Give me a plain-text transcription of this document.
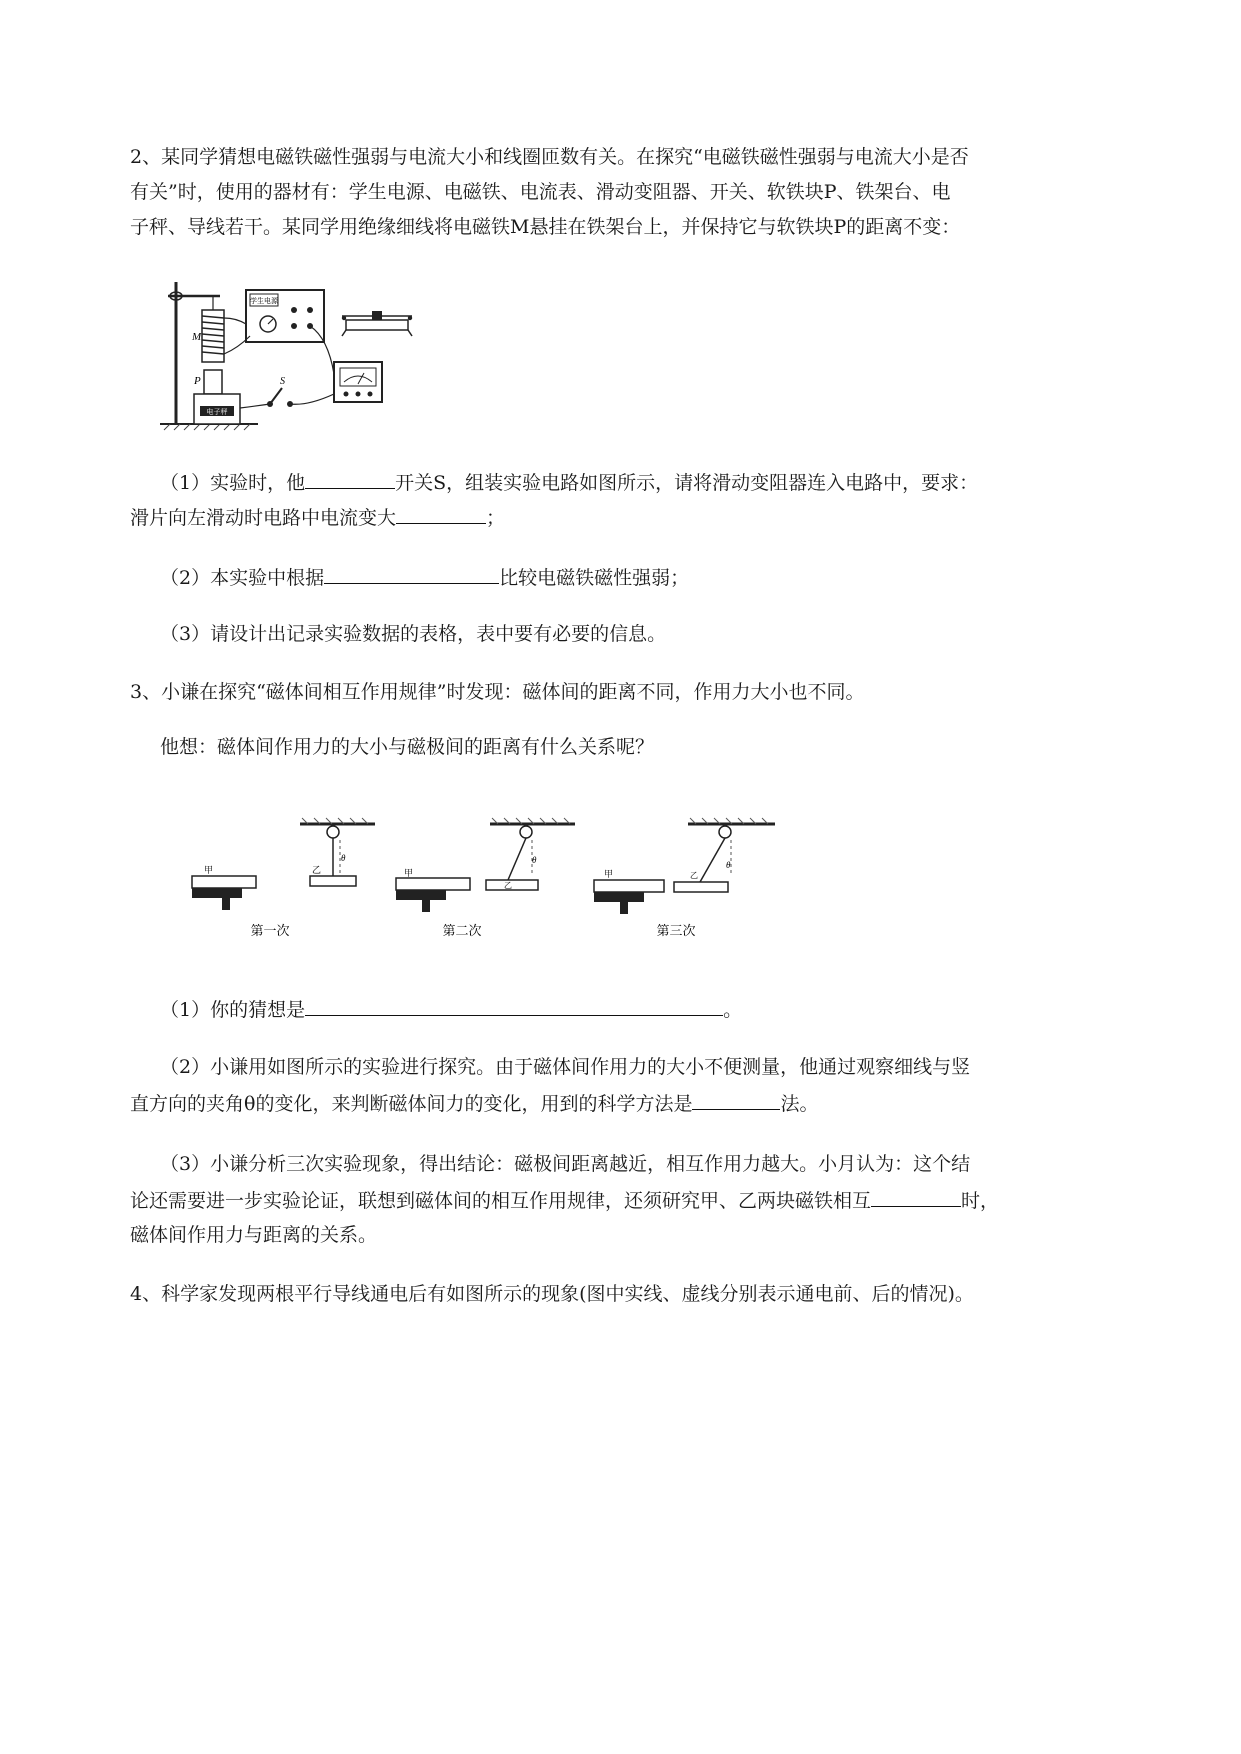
2、某同学猜想电磁铁磁性强弱与电流大小和线圈匝数有关。在探究“电磁铁磁性强弱与电流大小是否
有关”时，使用的器材有：学生电源、电磁铁、电流表、滑动变阻器、开关、软铁块P、铁架台、电
子秤、导线若干。某同学用绝缘细线将电磁铁M悬挂在铁架台上，并保持它与软铁块P的距离不变：
M
P
电子秤
学生电源
S
（1）实验时，他	开关S，组装实验电路如图所示，请将滑动变阻器连入电路中，要求：
滑片向左滑动时电路中电流变大	；
（2）本实验中根据	比较电磁铁磁性强弱；
（3）请设计出记录实验数据的表格，表中要有必要的信息。
3、小谦在探究“磁体间相互作用规律”时发现：磁体间的距离不同，作用力大小也不同。
他想：磁体间作用力的大小与磁极间的距离有什么关系呢？
乙
θ
甲
第一次
乙
θ
甲
第二次
乙
θ
甲
第三次
（1）你的猜想是	。
（2）小谦用如图所示的实验进行探究。由于磁体间作用力的大小不便测量，他通过观察细线与竖
直方向的夹角θ的变化，来判断磁体间力的变化，用到的科学方法是	法。
（3）小谦分析三次实验现象，得出结论：磁极间距离越近，相互作用力越大。小月认为：这个结
论还需要进一步实验论证，联想到磁体间的相互作用规律，还须研究甲、乙两块磁铁相互	时，
磁体间作用力与距离的关系。
4、科学家发现两根平行导线通电后有如图所示的现象(图中实线、虚线分别表示通电前、后的情况)。
